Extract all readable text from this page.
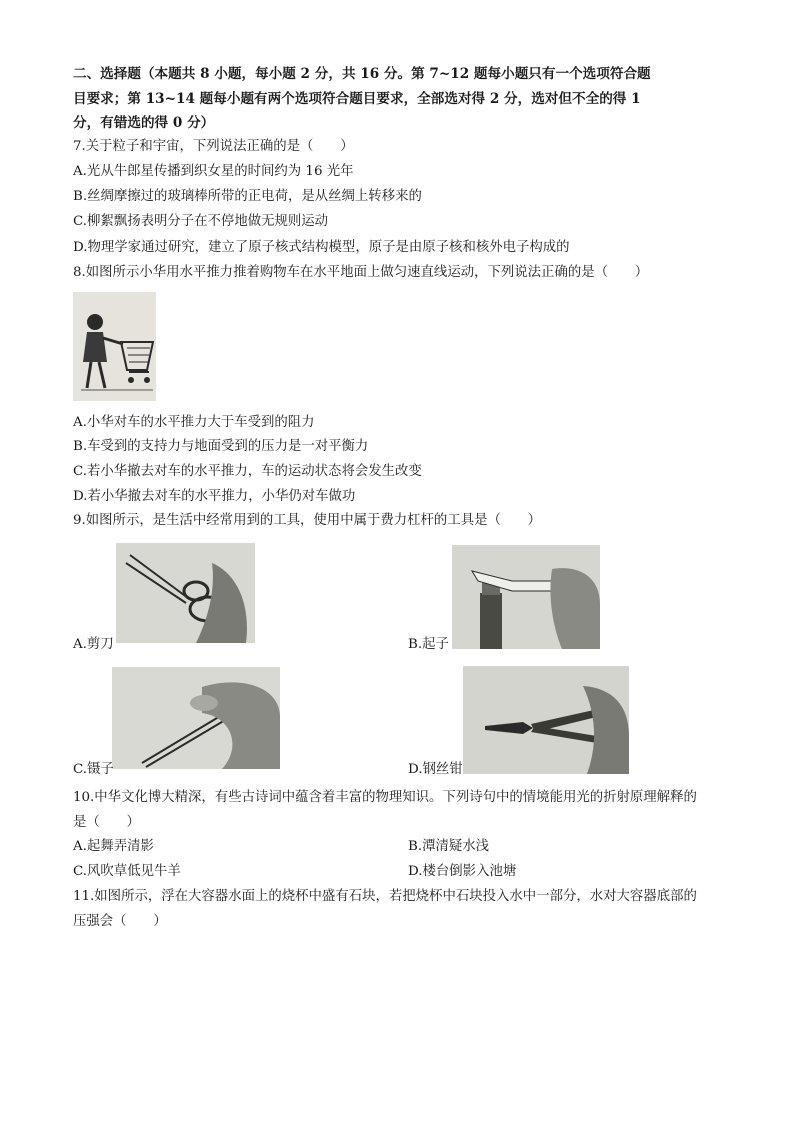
二、选择题（本题共 8 小题，每小题 2 分，共 16 分。第 7~12 题每小题只有一个选项符合题
目要求；第 13~14 题每小题有两个选项符合题目要求，全部选对得 2 分，选对但不全的得 1
分，有错选的得 0 分）
7.关于粒子和宇宙，下列说法正确的是（　　）
A.光从牛郎星传播到织女星的时间约为 16 光年
B.丝绸摩擦过的玻璃棒所带的正电荷，是从丝绸上转移来的
C.柳絮飘扬表明分子在不停地做无规则运动
D.物理学家通过研究，建立了原子核式结构模型，原子是由原子核和核外电子构成的
8.如图所示小华用水平推力推着购物车在水平地面上做匀速直线运动，下列说法正确的是（　　）
A.小华对车的水平推力大于车受到的阻力
B.车受到的支持力与地面受到的压力是一对平衡力
C.若小华撤去对车的水平推力，车的运动状态将会发生改变
D.若小华撤去对车的水平推力，小华仍对车做功
9.如图所示，是生活中经常用到的工具，使用中属于费力杠杆的工具是（　　）
A.剪刀	B.起子
C.镊子	D.钢丝钳
10.中华文化博大精深，有些古诗词中蕴含着丰富的物理知识。下列诗句中的情境能用光的折射原理解释的
是（　　）
A.起舞弄清影	B.潭清疑水浅
C.风吹草低见牛羊	D.楼台倒影入池塘
11.如图所示，浮在大容器水面上的烧杯中盛有石块，若把烧杯中石块投入水中一部分，水对大容器底部的
压强会（　　）
